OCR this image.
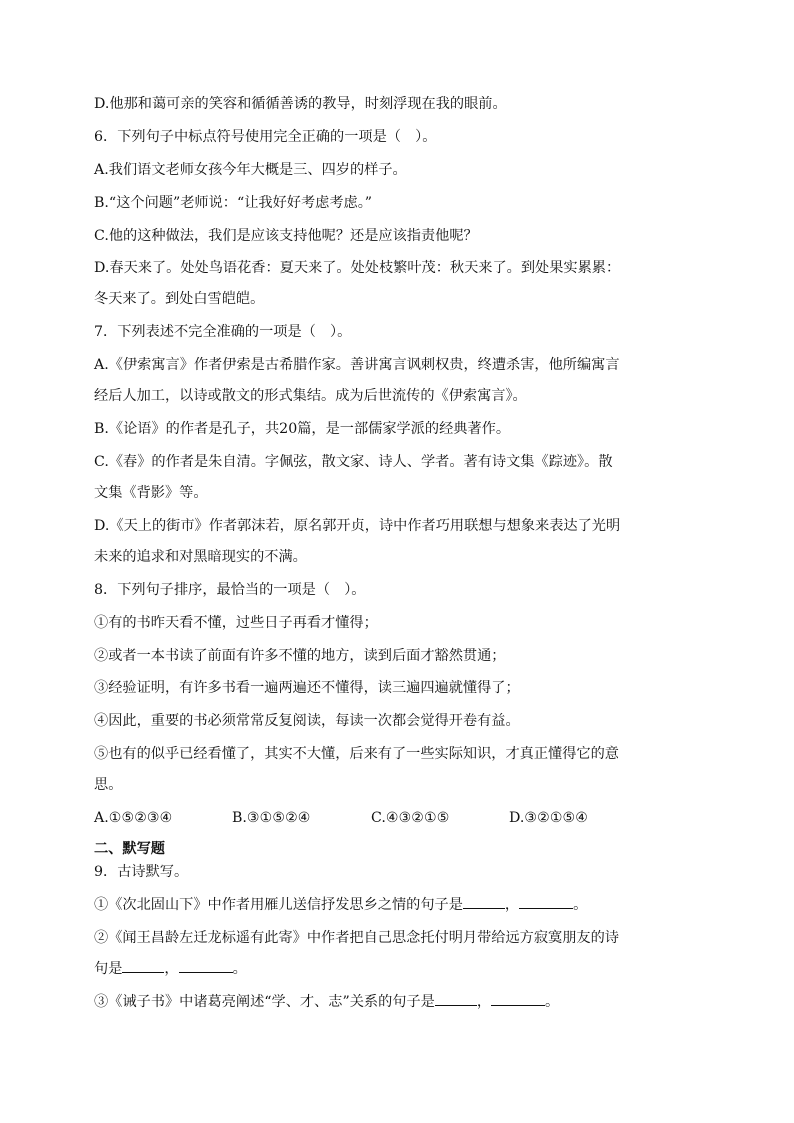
D.他那和蔼可亲的笑容和循循善诱的教导，时刻浮现在我的眼前。
6．下列句子中标点符号使用完全正确的一项是（　）。
A.我们语文老师女孩今年大概是三、四岁的样子。
B.“这个问题”老师说：“让我好好考虑考虑。”
C.他的这种做法，我们是应该支持他呢？还是应该指责他呢？
D.春天来了。处处鸟语花香：夏天来了。处处枝繁叶茂：秋天来了。到处果实累累：
冬天来了。到处白雪皑皑。
7．下列表述不完全准确的一项是（　）。
A.《伊索寓言》作者伊索是古希腊作家。善讲寓言讽刺权贵，终遭杀害，他所编寓言
经后人加工，以诗或散文的形式集结。成为后世流传的《伊索寓言》。
B.《论语》的作者是孔子，共20篇，是一部儒家学派的经典著作。
C.《春》的作者是朱自清。字佩弦，散文家、诗人、学者。著有诗文集《踪迹》。散
文集《背影》等。
D.《天上的街市》作者郭沫若，原名郭开贞，诗中作者巧用联想与想象来表达了光明
未来的追求和对黑暗现实的不满。
8．下列句子排序，最恰当的一项是（　）。
①有的书昨天看不懂，过些日子再看才懂得；
②或者一本书读了前面有许多不懂的地方，读到后面才豁然贯通；
③经验证明，有许多书看一遍两遍还不懂得，读三遍四遍就懂得了；
④因此，重要的书必须常常反复阅读，每读一次都会觉得开卷有益。
⑤也有的似乎已经看懂了，其实不大懂，后来有了一些实际知识，才真正懂得它的意
思。
A.①⑤②③④	B.③①⑤②④	C.④③②①⑤	D.③②①⑤④
二、默写题
9．古诗默写。
①《次北固山下》中作者用雁儿送信抒发思乡之情的句子是	，	。
②《闻王昌龄左迁龙标遥有此寄》中作者把自己思念托付明月带给远方寂寞朋友的诗
句是	，	。
③《诫子书》中诸葛亮阐述“学、才、志”关系的句子是	，	。
